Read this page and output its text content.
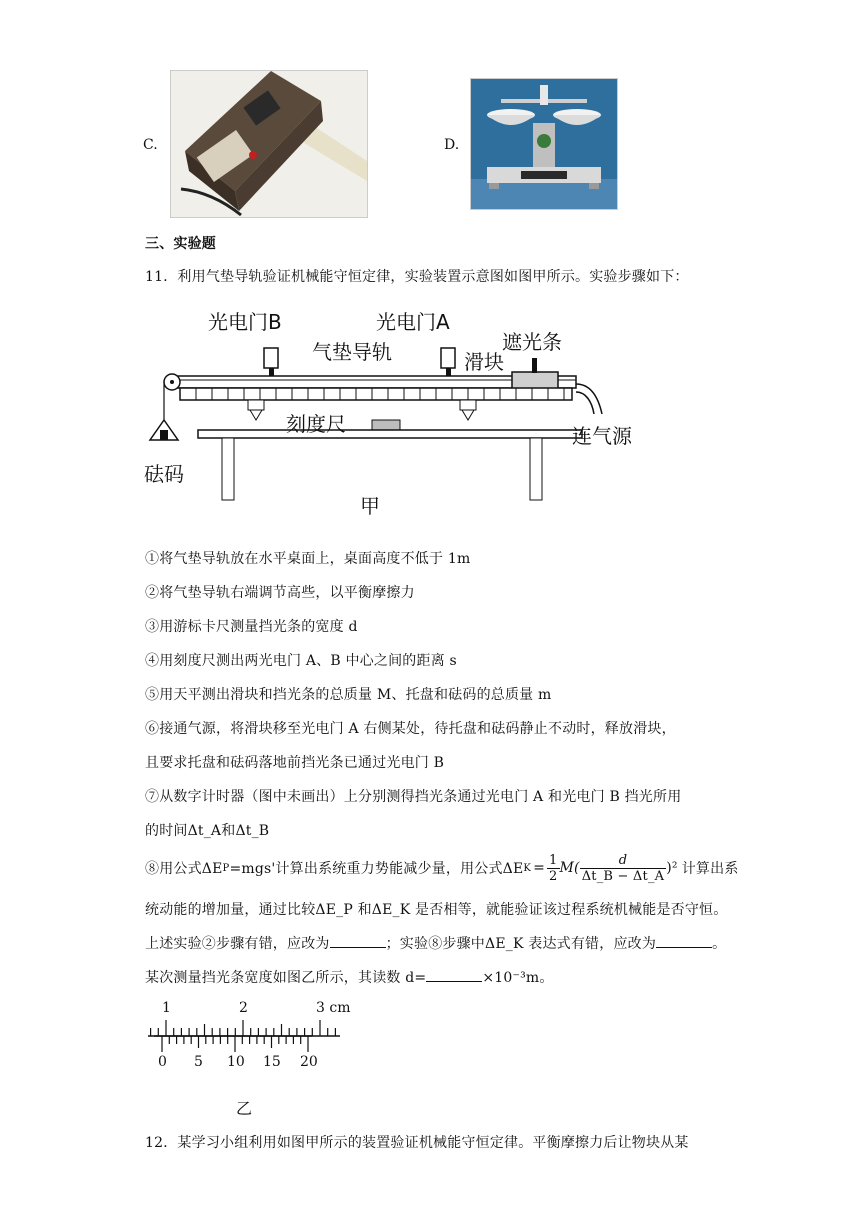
C.	D.
三、实验题
11．利用气垫导轨验证机械能守恒定律，实验装置示意图如图甲所示。实验步骤如下：
光电门B	光电门A
遮光条
气垫导轨	滑块
刻度尺	连气源
砝码
甲
①将气垫导轨放在水平桌面上，桌面高度不低于 1m
②将气垫导轨右端调节高些，以平衡摩擦力
③用游标卡尺测量挡光条的宽度 d
④用刻度尺测出两光电门 A、B 中心之间的距离 s
⑤用天平测出滑块和挡光条的总质量 M、托盘和砝码的总质量 m
⑥接通气源，将滑块移至光电门 A 右侧某处，待托盘和砝码静止不动时，释放滑块，
且要求托盘和砝码落地前挡光条已通过光电门 B
⑦从数字计时器（图中未画出）上分别测得挡光条通过光电门 A 和光电门 B 挡光所用
的时间Δt_A和Δt_B
⑧用公式ΔE P =mgs'计算出系统重力势能减少量，用公式ΔE $K = \frac{1}{2} M( \frac{d}{\Delta t\_B - \Delta t\_A} )^2$ 计算出系
统动能的增加量，通过比较ΔE_P 和ΔE_K 是否相等，就能验证该过程系统机械能是否守恒。
上述实验②步骤有错，应改为	；实验⑧步骤中ΔE_K 表达式有错，应改为	。
某次测量挡光条宽度如图乙所示，其读数 d=	×10⁻³m。
1	2	3 cm
0 5 10 15 20
乙
12．某学习小组利用如图甲所示的装置验证机械能守恒定律。平衡摩擦力后让物块从某
